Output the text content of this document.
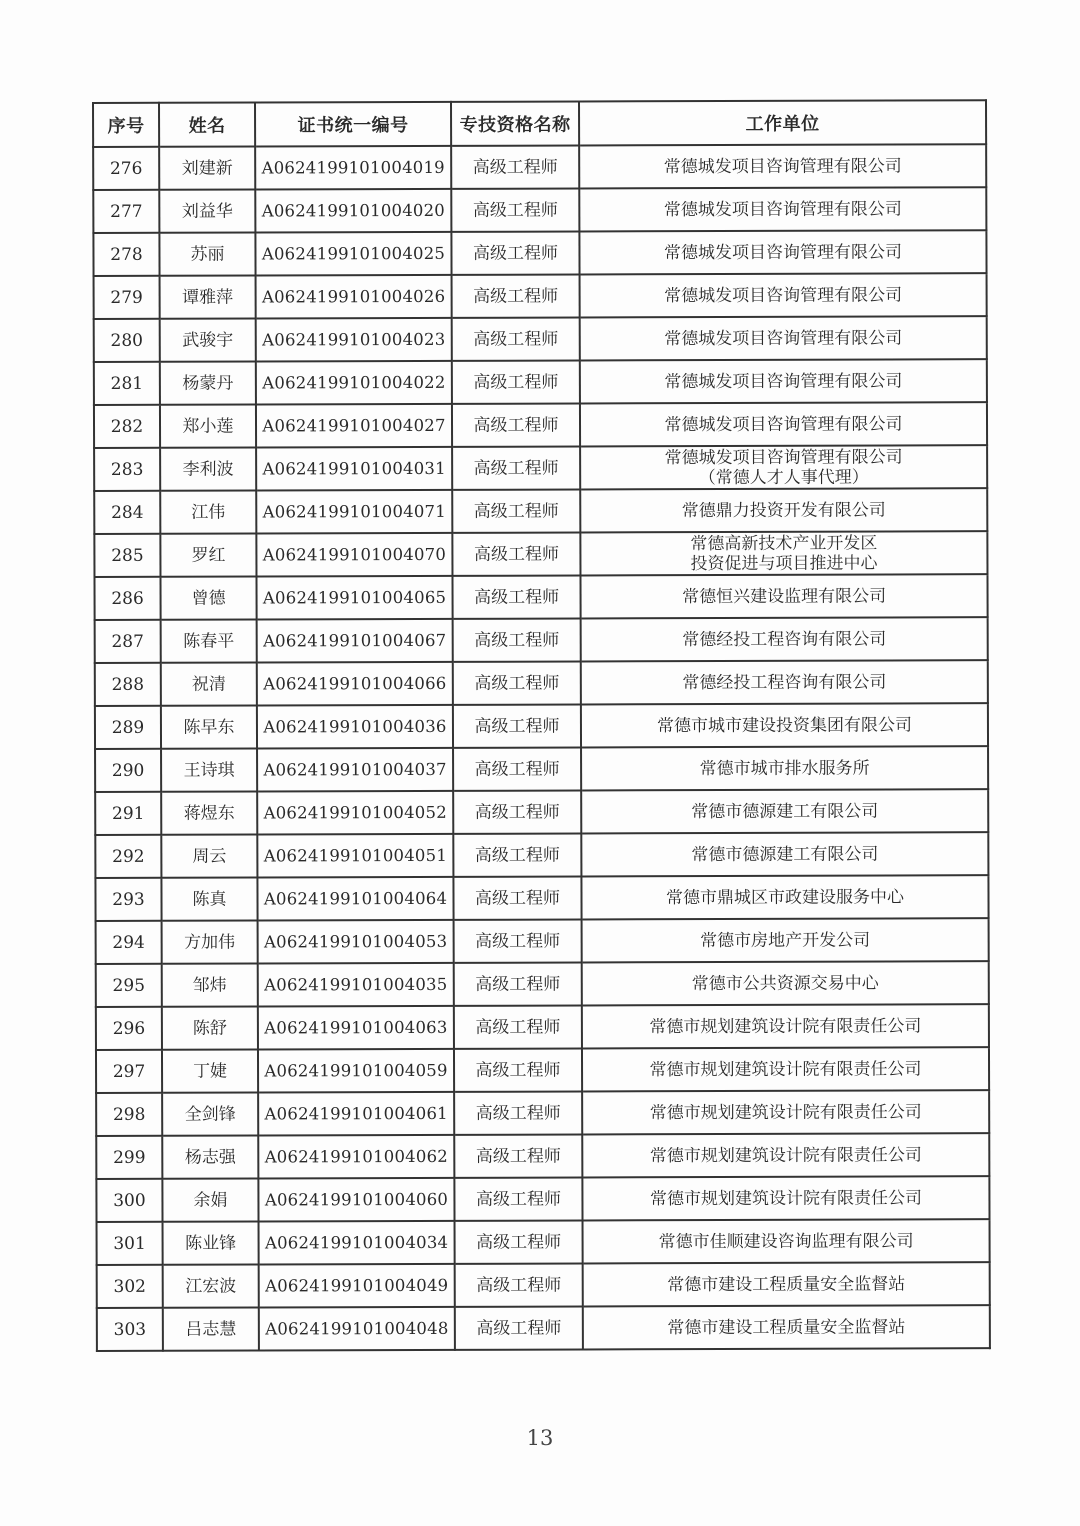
序号	姓名	证书统一编号	专技资格名称	工作单位
276	刘建新	A0624199101004019	高级工程师	常德城发项目咨询管理有限公司

277	刘益华	A0624199101004020	高级工程师	常德城发项目咨询管理有限公司

278	苏丽	A0624199101004025	高级工程师	常德城发项目咨询管理有限公司

279	谭雅萍	A0624199101004026	高级工程师	常德城发项目咨询管理有限公司

280	武骏宇	A0624199101004023	高级工程师	常德城发项目咨询管理有限公司

281	杨蒙丹	A0624199101004022	高级工程师	常德城发项目咨询管理有限公司

282	郑小莲	A0624199101004027	高级工程师	常德城发项目咨询管理有限公司

283	李利波	A0624199101004031	高级工程师	常德城发项目咨询管理有限公司
（常德人才人事代理）

284	江伟	A0624199101004071	高级工程师	常德鼎力投资开发有限公司

285	罗红	A0624199101004070	高级工程师	常德高新技术产业开发区
投资促进与项目推进中心

286	曾德	A0624199101004065	高级工程师	常德恒兴建设监理有限公司

287	陈春平	A0624199101004067	高级工程师	常德经投工程咨询有限公司

288	祝清	A0624199101004066	高级工程师	常德经投工程咨询有限公司

289	陈早东	A0624199101004036	高级工程师	常德市城市建设投资集团有限公司

290	王诗琪	A0624199101004037	高级工程师	常德市城市排水服务所

291	蒋煜东	A0624199101004052	高级工程师	常德市德源建工有限公司

292	周云	A0624199101004051	高级工程师	常德市德源建工有限公司

293	陈真	A0624199101004064	高级工程师	常德市鼎城区市政建设服务中心

294	方加伟	A0624199101004053	高级工程师	常德市房地产开发公司

295	邹炜	A0624199101004035	高级工程师	常德市公共资源交易中心

296	陈舒	A0624199101004063	高级工程师	常德市规划建筑设计院有限责任公司

297	丁婕	A0624199101004059	高级工程师	常德市规划建筑设计院有限责任公司

298	全剑锋	A0624199101004061	高级工程师	常德市规划建筑设计院有限责任公司

299	杨志强	A0624199101004062	高级工程师	常德市规划建筑设计院有限责任公司

300	余娟	A0624199101004060	高级工程师	常德市规划建筑设计院有限责任公司

301	陈业锋	A0624199101004034	高级工程师	常德市佳顺建设咨询监理有限公司

302	江宏波	A0624199101004049	高级工程师	常德市建设工程质量安全监督站

303	吕志慧	A0624199101004048	高级工程师	常德市建设工程质量安全监督站
13
